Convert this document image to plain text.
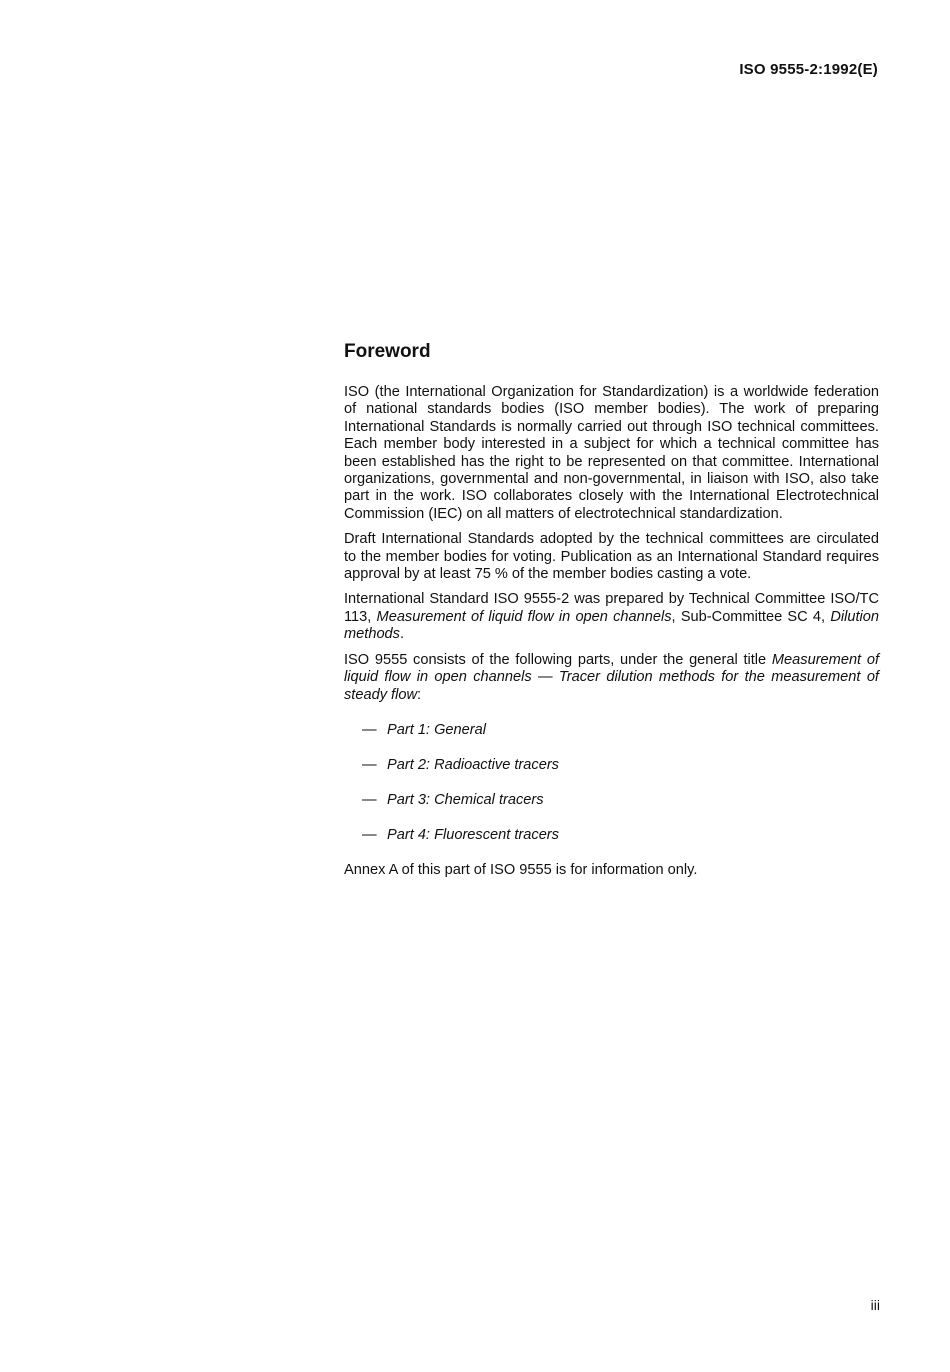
ISO 9555-2:1992(E)
Foreword

ISO (the International Organization for Standardization) is a worldwide federation of national standards bodies (ISO member bodies). The work of preparing International Standards is normally carried out through ISO technical committees. Each member body interested in a subject for which a technical committee has been established has the right to be represented on that committee. International organizations, governmental and non-governmental, in liaison with ISO, also take part in the work. ISO collaborates closely with the International Electrotechnical Commission (IEC) on all matters of electrotechnical standardization.

Draft International Standards adopted by the technical committees are circulated to the member bodies for voting. Publication as an International Standard requires approval by at least 75 % of the member bodies casting a vote.

International Standard ISO 9555-2 was prepared by Technical Committee ISO/TC 113, Measurement of liquid flow in open channels, Sub-Committee SC 4, Dilution methods.

ISO 9555 consists of the following parts, under the general title Measurement of liquid flow in open channels — Tracer dilution methods for the measurement of steady flow:

— Part 1:
General
— Part 2:
Radioactive tracers
— Part 3:
Chemical tracers
— Part 4:
Fluorescent tracers

Annex A of this part of ISO 9555 is for information only.

iii
